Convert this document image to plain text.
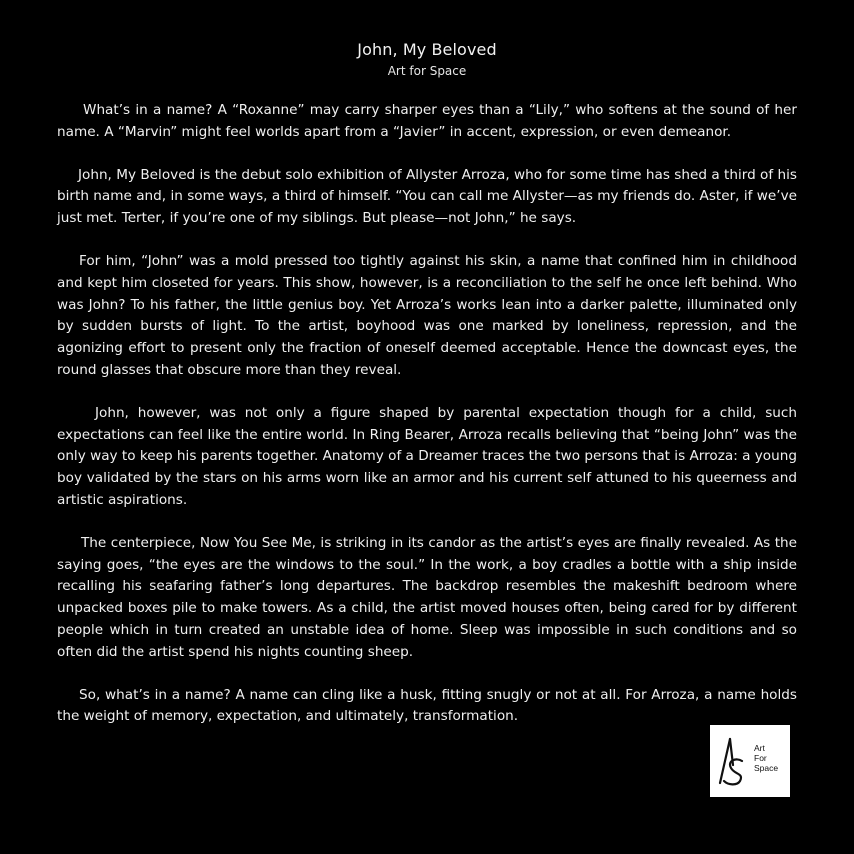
John, My Beloved
Art for Space

What’s in a name? A “Roxanne” may carry sharper eyes than a “Lily,” who softens at the sound of her name. A “Marvin” might feel worlds apart from a “Javier” in accent, expression, or even demeanor.

John, My Beloved is the debut solo exhibition of Allyster Arroza, who for some time has shed a third of his birth name and, in some ways, a third of himself. “You can call me Allyster—as my friends do. Aster, if we’ve just met. Terter, if you’re one of my siblings. But please—not John,” he says.

For him, “John” was a mold pressed too tightly against his skin, a name that confined him in childhood and kept him closeted for years. This show, however, is a reconciliation to the self he once left behind. Who was John? To his father, the little genius boy. Yet Arroza’s works lean into a darker palette, illuminated only by sudden bursts of light. To the artist, boyhood was one marked by loneliness, repression, and the agonizing effort to present only the fraction of oneself deemed acceptable. Hence the downcast eyes, the round glasses that obscure more than they reveal.

John, however, was not only a figure shaped by parental expectation though for a child, such expectations can feel like the entire world. In Ring Bearer, Arroza recalls believing that “being John” was the only way to keep his parents together. Anatomy of a Dreamer traces the two persons that is Arroza: a young boy validated by the stars on his arms worn like an armor and his current self attuned to his queerness and artistic aspirations.

The centerpiece, Now You See Me, is striking in its candor as the artist’s eyes are finally revealed. As the saying goes, “the eyes are the windows to the soul.” In the work, a boy cradles a bottle with a ship inside recalling his seafaring father’s long departures. The backdrop resembles the makeshift bedroom where unpacked boxes pile to make towers. As a child, the artist moved houses often, being cared for by different people which in turn created an unstable idea of home. Sleep was impossible in such conditions and so often did the artist spend his nights counting sheep.

So, what’s in a name? A name can cling like a husk, fitting snugly or not at all. For Arroza, a name holds the weight of memory, expectation, and ultimately, transformation.

Art
For
Space
